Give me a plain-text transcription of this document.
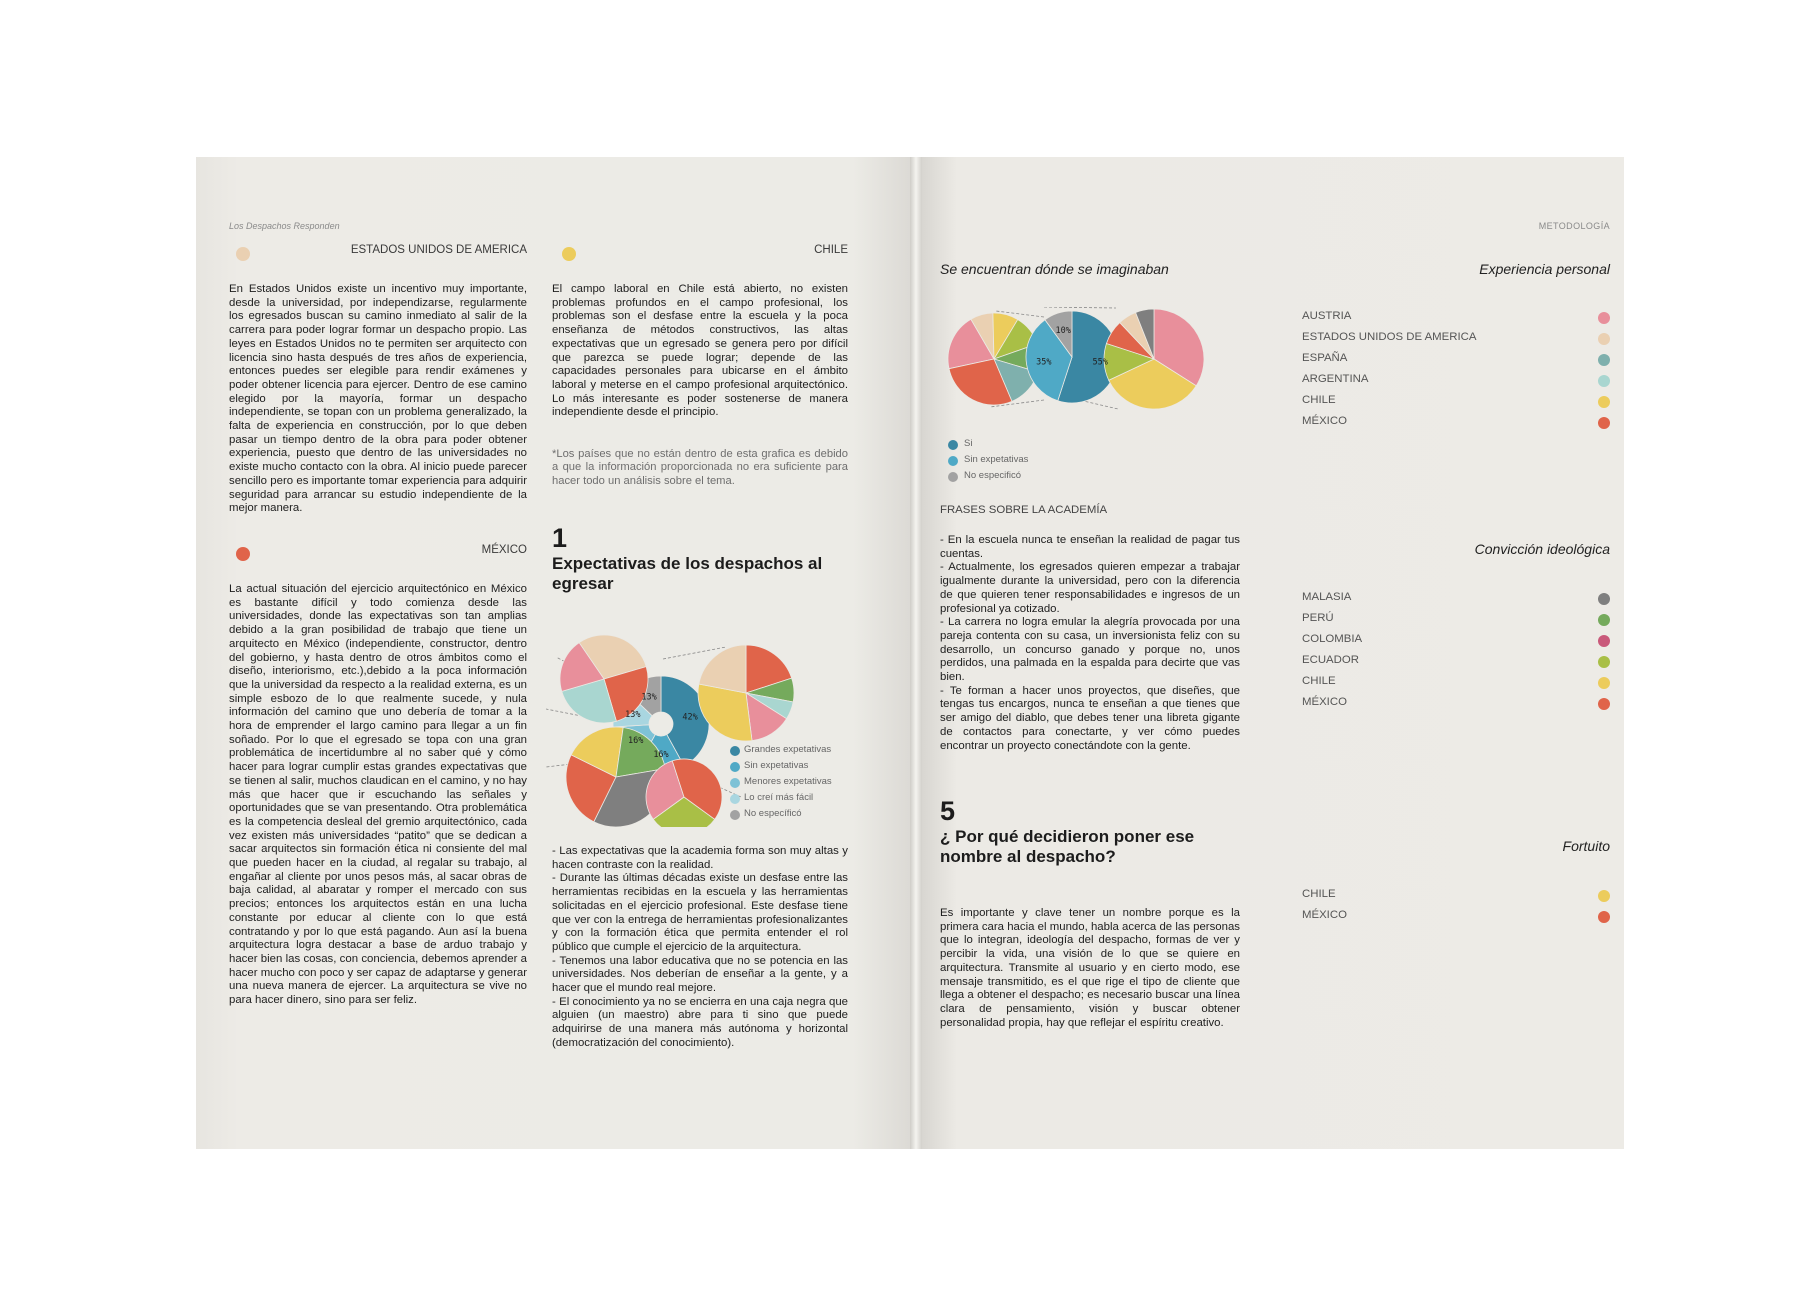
Los Despachos Responden
ESTADOS UNIDOS DE AMERICA

En Estados Unidos existe un incentivo muy importante, desde la universidad, por independizarse, regularmente los egresados buscan su camino inmediato al salir de la carrera para poder lograr formar un despacho propio. Las leyes en Estados Unidos no te permiten ser arquitecto con licencia sino hasta después de tres años de experiencia, entonces puedes ser elegible para rendir exámenes y poder obtener licencia para ejercer. Dentro de ese camino elegido por la mayoría, formar un despacho independiente, se topan con un problema generalizado, la falta de experiencia en construcción, por lo que deben pasar un tiempo dentro de la obra para poder obtener experiencia, puesto que dentro de las universidades no existe mucho contacto con la obra. Al inicio puede parecer sencillo pero es importante tomar experiencia para adquirir seguridad para arrancar su estudio independiente de la mejor manera.

MÉXICO

La actual situación del ejercicio arquitectónico en México es bastante difícil y todo comienza desde las universidades, donde las expectativas son tan amplias debido a la gran posibilidad de trabajo que tiene un arquitecto en México (independiente, constructor, dentro del gobierno, y hasta dentro de otros ámbitos como el diseño, interiorismo, etc.),debido a la poca información que la universidad da respecto a la realidad externa, es un simple esbozo de lo que realmente sucede, y nula información del camino que uno debería de tomar a la hora de emprender el largo camino para llegar a un fin soñado. Por lo que el egresado se topa con una gran problemática de incertidumbre al no saber qué y cómo hacer para lograr cumplir estas grandes expectativas que se tienen al salir, muchos claudican en el camino, y no hay más que hacer que ir escuchando las señales y oportunidades que se van presentando. Otra problemática es la competencia desleal del gremio arquitectónico, cada vez existen más universidades “patito” que se dedican a sacar arquitectos sin formación ética ni consiente del mal que pueden hacer en la ciudad, al regalar su trabajo, al engañar al cliente por unos pesos más, al sacar obras de baja calidad, al abaratar y romper el mercado con sus precios; entonces los arquitectos están en una lucha constante por educar al cliente con lo que está contratando y por lo que está pagando. Aun así la buena arquitectura logra destacar a base de arduo trabajo y hacer bien las cosas, con conciencia, debemos aprender a hacer mucho con poco y ser capaz de adaptarse y generar una nueva manera de ejercer. La arquitectura se vive no para hacer dinero, sino para ser feliz.

CHILE

El campo laboral en Chile está abierto, no existen problemas profundos en el campo profesional, los problemas son el desfase entre la escuela y la poca enseñanza de métodos constructivos, las altas expectativas que un egresado se genera pero por difícil que parezca se puede lograr; depende de las capacidades personales para ubicarse en el ámbito laboral y meterse en el campo profesional arquitectónico. Lo más interesante es poder sostenerse de manera independiente desde el principio.

*Los países que no están dentro de esta grafica es debido a que la información proporcionada no era suficiente para hacer todo un análisis sobre el tema.

1
Expectativas de los despachos al egresar
42%
16%
16%
13%
13%
Grandes expetativas
Sin expetativas
Menores expetativas
Lo creí más fácil
No específicó

- Las expectativas que la academia forma son muy altas y hacen contraste con la realidad.
- Durante las últimas décadas existe un desfase entre las herramientas recibidas en la escuela y las herramientas solicitadas en el ejercicio profesional. Este desfase tiene que ver con la entrega de herramientas profesionalizantes y con la formación ética que permita entender el rol público que cumple el ejercicio de la arquitectura.
- Tenemos una labor educativa que no se potencia en las universidades. Nos deberían de enseñar a la gente, y a hacer que el mundo real mejore.
- El conocimiento ya no se encierra en una caja negra que alguien (un maestro) abre para ti sino que puede adquirirse de una manera más autónoma y horizontal (democratización del conocimiento).

METODOLOGÍA
Se encuentran dónde se imaginaban
55%
35%
10%
Si
Sin expetativas
No especificó
FRASES SOBRE LA ACADEMÍA

- En la escuela nunca te enseñan la realidad de pagar tus cuentas.
- Actualmente, los egresados quieren empezar a trabajar igualmente durante la universidad, pero con la diferencia de que quieren tener responsabilidades e ingresos de un profesional ya cotizado.
- La carrera no logra emular la alegría provocada por una pareja contenta con su casa, un inversionista feliz con su desarrollo, un concurso ganado y porque no, unos perdidos, una palmada en la espalda para decirte que vas bien.
- Te forman a hacer unos proyectos, que diseñes, que tengas tus encargos, nunca te enseñan a que tienes que ser amigo del diablo, que debes tener una libreta gigante de contactos para conectarte, y ver cómo puedes encontrar un proyecto conectándote con la gente.

5
¿ Por qué decidieron poner ese nombre al despacho?

Es importante y clave tener un nombre porque es la primera cara hacia el mundo, habla acerca de las personas que lo integran, ideología del despacho, formas de ver y percibir la vida, una visión de lo que se quiere en arquitectura. Transmite al usuario y en cierto modo, ese mensaje transmitido, es el que rige el tipo de cliente que llega a obtener el despacho; es necesario buscar una línea clara de pensamiento, visión y buscar obtener personalidad propia, hay que reflejar el espíritu creativo.

Experiencia personal
AUSTRIA
ESTADOS UNIDOS DE AMERICA
ESPAÑA
ARGENTINA
CHILE
MÉXICO
Convicción ideológica
MALASIA
PERÚ
COLOMBIA
ECUADOR
CHILE
MÉXICO
Fortuito
CHILE
MÉXICO
